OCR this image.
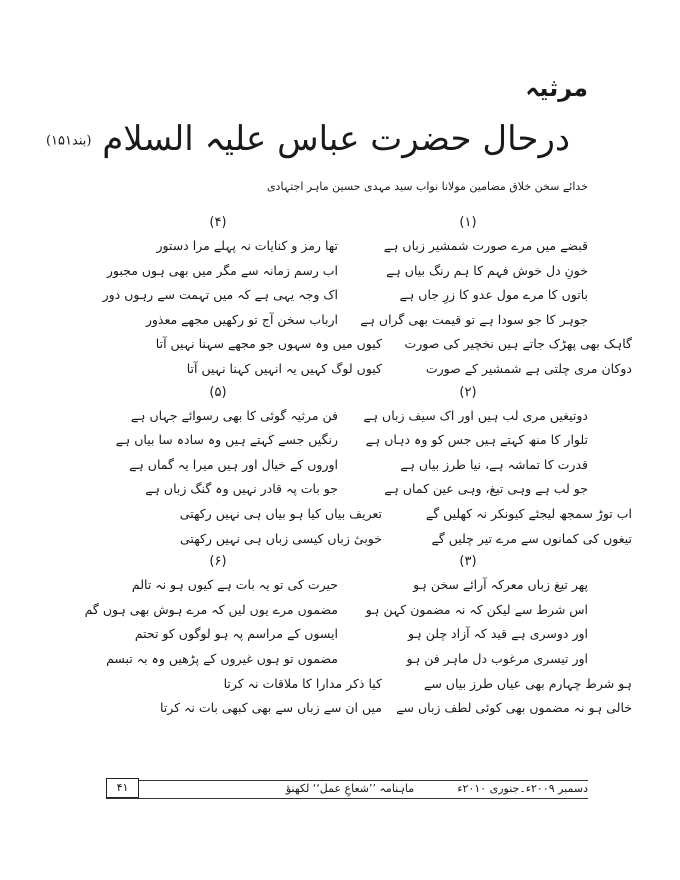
مرثیہ
درحال حضرت عباس علیہ السلام (بند۱۵۱)
خدائے سخن خلاق مضامین مولانا نواب سید مہدی حسین ماہر اجتہادی
(۱)
قبضے میں مرے صورت شمشیر زباں ہے
خونِ دل خوش فہم کا ہم رنگ بیاں ہے
باتوں کا مرے مول عدو کا زرِ جاں ہے
جوہر کا جو سودا ہے تو قیمت بھی گراں ہے
گاہک بھی پھڑک جاتے ہیں نخچیر کی صورت
دوکان مری چلتی ہے شمشیر کے صورت
(۲)
دوتیغیں مری لب ہیں اور اک سیف زباں ہے
تلوار کا منھ کہتے ہیں جس کو وہ دہاں ہے
قدرت کا تماشہ ہے، نیا طرز بیاں ہے
جو لب ہے وہی تیغ، وہی عین کماں ہے
اب توڑ سمجھ لیجئے کیونکر نہ کھلیں گے
تیغوں کی کمانوں سے مرے تیر چلیں گے
(۳)
پھر تیغ زباں معرکہ آرائے سخن ہو
اس شرط سے لیکن کہ نہ مضمون کہن ہو
اور دوسری ہے قید کہ آزاد چلن ہو
اور تیسری مرغوب دل ماہر فن ہو
ہو شرط چہارم بھی عیاں طرز بیاں سے
خالی ہو نہ مضموں بھی کوئی لطف زباں سے
(۴)
تھا رمز و کنایات نہ پہلے مرا دستور
اب رسم زمانہ سے مگر میں بھی ہوں مجبور
اک وجہ یہی ہے کہ میں تہمت سے رہوں دور
ارباب سخن آج تو رکھیں مجھے معذور
کیوں میں وہ سہوں جو مجھے سہنا نہیں آتا
کیوں لوگ کہیں یہ انہیں کہنا نہیں آتا
(۵)
فن مرثیہ گوئی کا بھی رسوائے جہاں ہے
رنگیں جسے کہتے ہیں وہ سادہ سا بیاں ہے
اوروں کے خیال اور ہیں میرا یہ گماں ہے
جو بات پہ قادر نہیں وہ گنگ زباں ہے
تعریف بیاں کیا ہو بیاں ہی نہیں رکھتی
خوبیٔ زباں کیسی زباں ہی نہیں رکھتی
(۶)
حیرت کی تو یہ بات ہے کیوں ہو نہ تالم
مضموں مرے یوں لیں کہ مرے ہوش بھی ہوں گم
ایسوں کے مراسم پہ ہو لوگوں کو تحتم
مضموں تو ہوں غیروں کے پڑھیں وہ بہ تبسم
کیا ذکر مدارا کا ملاقات نہ کرتا
میں ان سے زباں سے بھی کبھی بات نہ کرتا
۴۱	ماہنامہ ’’شعاعِ عمل‘‘ لکھنؤ	دسمبر ۲۰۰۹ء۔جنوری ۲۰۱۰ء
